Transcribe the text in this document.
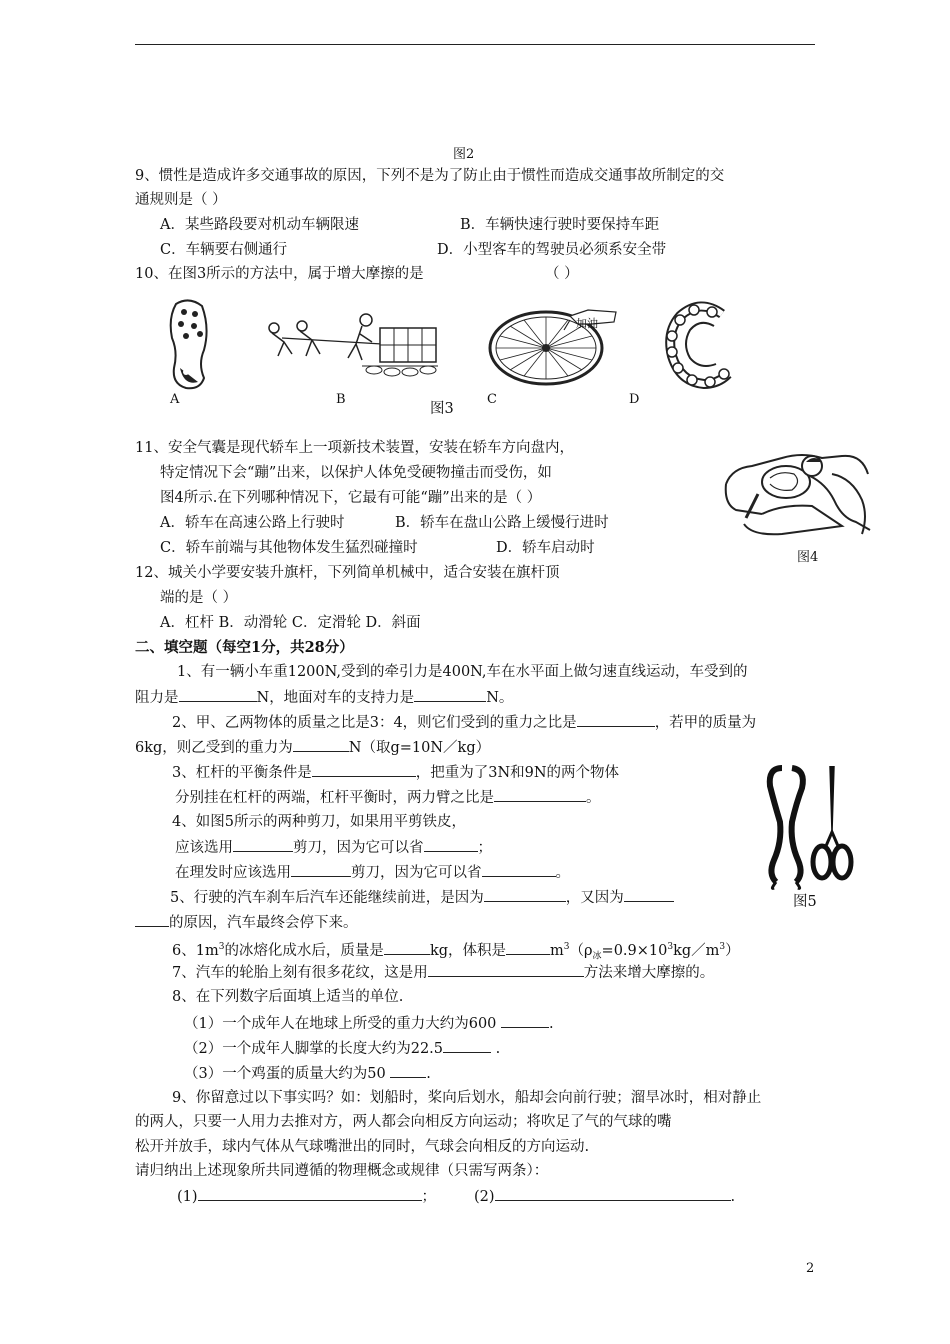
图2
9、惯性是造成许多交通事故的原因，下列不是为了防止由于惯性而造成交通事故所制定的交
通规则是（ ）
A．某些路段要对机动车辆限速	B．车辆快速行驶时要保持车距
C．车辆要右侧通行	D．小型客车的驾驶员必须系安全带
10、在图3所示的方法中，属于增大摩擦的是	（ ）
A	B
加油
C	D
图3
11、安全气囊是现代轿车上一项新技术装置，安装在轿车方向盘内，
特定情况下会“蹦”出来，以保护人体免受硬物撞击而受伤，如
图4所示.在下列哪种情况下，它最有可能“蹦”出来的是（ ）
A．轿车在高速公路上行驶时	B．轿车在盘山公路上缓慢行进时
C．轿车前端与其他物体发生猛烈碰撞时	D．轿车启动时
图4
12、城关小学要安装升旗杆，下列简单机械中，适合安装在旗杆顶
端的是（ ）
A．杠杆 B．动滑轮 C．定滑轮 D．斜面
二、填空题（每空1分，共28分）
1、有一辆小车重1200N,受到的牵引力是400N,车在水平面上做匀速直线运动，车受到的
阻力是	N，地面对车的支持力是	N。
2、甲、乙两物体的质量之比是3：4，则它们受到的重力之比是	，若甲的质量为
6kg，则乙受到的重力为	N（取g=10N／kg）
3、杠杆的平衡条件是	，把重为了3N和9N的两个物体
分别挂在杠杆的两端，杠杆平衡时，两力臂之比是	。
4、如图5所示的两种剪刀，如果用平剪铁皮，
应该选用	剪刀，因为它可以省	；
在理发时应该选用	剪刀，因为它可以省	。
图5
5、行驶的汽车刹车后汽车还能继续前进，是因为	，又因为
的原因，汽车最终会停下来。
6、$1m^3$的冰熔化成水后，质量是	kg，体积是	$m^3(\rho_冰=0.9\times 10^3kg/m^3)$
7、汽车的轮胎上刻有很多花纹，这是用	方法来增大摩擦的。
8、在下列数字后面填上适当的单位.
（1）一个成年人在地球上所受的重力大约为600	.
（2）一个成年人脚掌的长度大约为22.5	.
（3）一个鸡蛋的质量大约为50	.
9、你留意过以下事实吗？如：划船时，桨向后划水，船却会向前行驶；溜旱冰时，相对静止
的两人，只要一人用力去推对方，两人都会向相反方向运动；将吹足了气的气球的嘴
松开并放手，球内气体从气球嘴泄出的同时，气球会向相反的方向运动.
请归纳出上述现象所共同遵循的物理概念或规律（只需写两条）：
(1)	；	(2)	.
2
